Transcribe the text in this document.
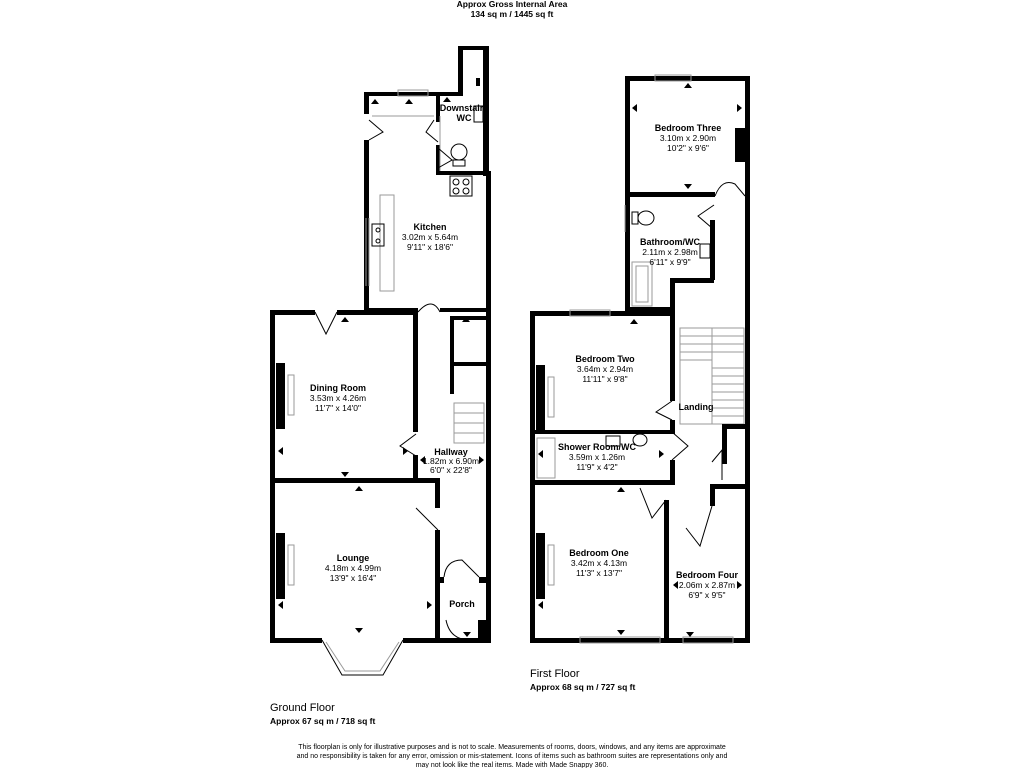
Approx Gross Internal Area
134 sq m / 1445 sq ft
Downstairs
WC
Kitchen
3.02m x 5.64m
9'11" x 18'6"
Dining Room
3.53m x 4.26m
11'7" x 14'0"
Hallway
1.82m x 6.90m
6'0" x 22'8"
Lounge
4.18m x 4.99m
13'9" x 16'4"
Porch
Ground Floor
Approx 67 sq m / 718 sq ft
Bedroom Three
3.10m x 2.90m
10'2" x 9'6"
Bathroom/WC
2.11m x 2.98m
6'11" x 9'9"
Bedroom Two
3.64m x 2.94m
11'11" x 9'8"
Landing
Shower Room/WC
3.59m x 1.26m
11'9" x 4'2"
Bedroom One
3.42m x 4.13m
11'3" x 13'7"	Bedroom Four
2.06m x 2.87m
6'9" x 9'5"
First Floor
Approx 68 sq m / 727 sq ft
This floorplan is only for illustrative purposes and is not to scale. Measurements of rooms, doors, windows, and any items are approximate
and no responsibility is taken for any error, omission or mis-statement. Icons of items such as bathroom suites are representations only and
may not look like the real items. Made with Made Snappy 360.
